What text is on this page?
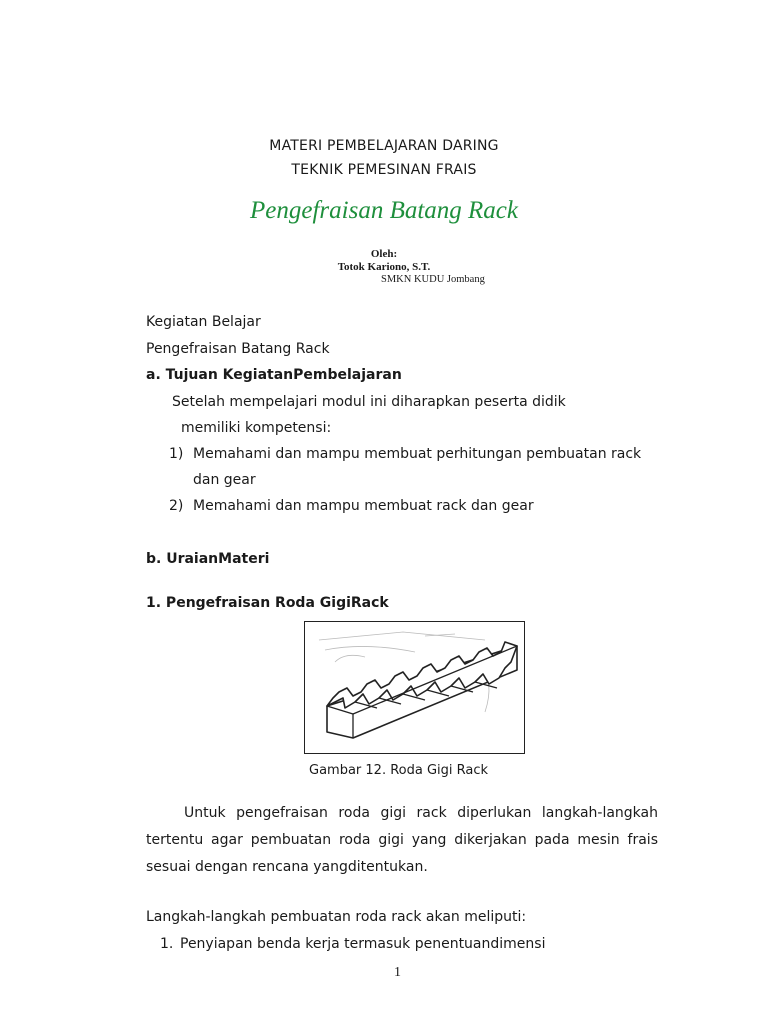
MATERI PEMBELAJARAN DARING
TEKNIK PEMESINAN FRAIS
Pengefraisan Batang Rack
Oleh:
Totok Kariono, S.T.
SMKN KUDU Jombang
Kegiatan Belajar
Pengefraisan Batang Rack
a. Tujuan KegiatanPembelajaran
Setelah mempelajari modul ini diharapkan peserta didik
memiliki kompetensi:
1) Memahami dan mampu membuat perhitungan pembuatan rack
dan gear
2) Memahami dan mampu membuat rack dan gear
b. UraianMateri
1. Pengefraisan Roda GigiRack
Gambar 12. Roda Gigi Rack
Untuk pengefraisan roda gigi rack diperlukan langkah-langkah
tertentu agar pembuatan roda gigi yang dikerjakan pada mesin frais
sesuai dengan rencana yangditentukan.
Langkah-langkah pembuatan roda rack akan meliputi:
1. Penyiapan benda kerja termasuk penentuandimensi
1
